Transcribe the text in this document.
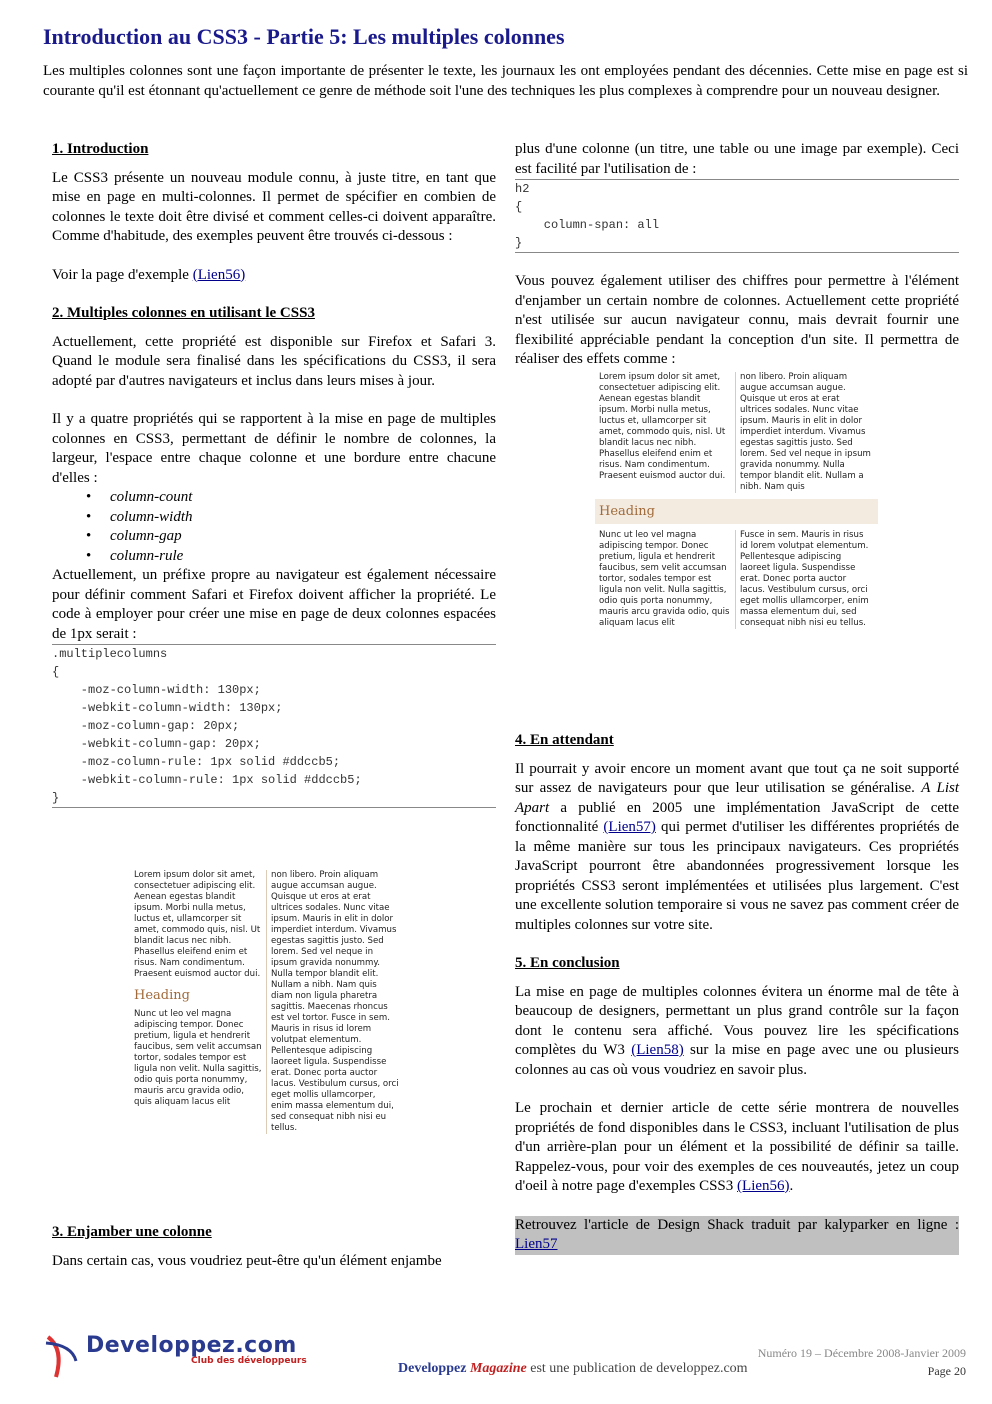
Introduction au CSS3 - Partie 5: Les multiples colonnes
Les multiples colonnes sont une façon importante de présenter le texte, les journaux les ont employées pendant des décennies. Cette mise en page est si courante qu'il est étonnant qu'actuellement ce genre de méthode soit l'une des techniques les plus complexes à comprendre pour un nouveau designer.
1. Introduction

Le CSS3 présente un nouveau module connu, à juste titre, en tant que mise en page en multi-colonnes. Il permet de spécifier en combien de colonnes le texte doit être divisé et comment celles-ci doivent apparaître. Comme d'habitude, des exemples peuvent être trouvés ci-dessous :

Voir la page d'exemple (Lien56)

2. Multiples colonnes en utilisant le CSS3

Actuellement, cette propriété est disponible sur Firefox et Safari 3. Quand le module sera finalisé dans les spécifications du CSS3, il sera adopté par d'autres navigateurs et inclus dans leurs mises à jour.

Il y a quatre propriétés qui se rapportent à la mise en page de multiples colonnes en CSS3, permettant de définir le nombre de colonnes, la largeur, l'espace entre chaque colonne et une bordure entre chacune d'elles :

• column-count
• column-width
• column-gap
• column-rule

Actuellement, un préfixe propre au navigateur est également nécessaire pour définir comment Safari et Firefox doivent afficher la propriété. Le code à employer pour créer une mise en page de deux colonnes espacées de 1px serait :

.multiplecolumns
{
-moz-column-width: 130px;
-webkit-column-width: 130px;
-moz-column-gap: 20px;
-webkit-column-gap: 20px;
-moz-column-rule: 1px solid #ddccb5;
-webkit-column-rule: 1px solid #ddccb5;
}
Lorem ipsum dolor sit amet, consectetuer adipiscing elit. Aenean egestas blandit ipsum. Morbi nulla metus, luctus et, ullamcorper sit amet, commodo quis, nisl. Ut blandit lacus nec nibh. Phasellus eleifend enim et risus. Nam condimentum. Praesent euismod auctor dui.
Heading
Nunc ut leo vel magna adipiscing tempor. Donec pretium, ligula et hendrerit faucibus, sem velit accumsan tortor, sodales tempor est ligula non velit. Nulla sagittis, odio quis porta nonummy, mauris arcu gravida odio, quis aliquam lacus elit
non libero. Proin aliquam augue accumsan augue. Quisque ut eros at erat ultrices sodales. Nunc vitae ipsum. Mauris in elit in dolor imperdiet interdum. Vivamus egestas sagittis justo. Sed lorem. Sed vel neque in ipsum gravida nonummy. Nulla tempor blandit elit. Nullam a nibh. Nam quis diam non ligula pharetra sagittis. Maecenas rhoncus est vel tortor. Fusce in sem. Mauris in risus id lorem volutpat elementum. Pellentesque adipiscing laoreet ligula. Suspendisse erat. Donec porta auctor lacus. Vestibulum cursus, orci eget mollis ullamcorper, enim massa elementum dui, sed consequat nibh nisi eu tellus.
3. Enjamber une colonne

Dans certain cas, vous voudriez peut-être qu'un élément enjambe

plus d'une colonne (un titre, une table ou une image par exemple). Ceci est facilité par l'utilisation de :

h2
{
column-span: all
}

Vous pouvez également utiliser des chiffres pour permettre à l'élément d'enjamber un certain nombre de colonnes. Actuellement cette propriété n'est utilisée sur aucun navigateur connu, mais devrait fournir une flexibilité appréciable pendant la conception d'un site. Il permettra de réaliser des effets comme :

Lorem ipsum dolor sit amet, consectetuer adipiscing elit. Aenean egestas blandit ipsum. Morbi nulla metus, luctus et, ullamcorper sit amet, commodo quis, nisl. Ut blandit lacus nec nibh. Phasellus eleifend enim et risus. Nam condimentum. Praesent euismod auctor dui.
non libero. Proin aliquam augue accumsan augue. Quisque ut eros at erat ultrices sodales. Nunc vitae ipsum. Mauris in elit in dolor imperdiet interdum. Vivamus egestas sagittis justo. Sed lorem. Sed vel neque in ipsum gravida nonummy. Nulla tempor blandit elit. Nullam a nibh. Nam quis
Heading
Nunc ut leo vel magna adipiscing tempor. Donec pretium, ligula et hendrerit faucibus, sem velit accumsan tortor, sodales tempor est ligula non velit. Nulla sagittis, odio quis porta nonummy, mauris arcu gravida odio, quis aliquam lacus elit
Fusce in sem. Mauris in risus id lorem volutpat elementum. Pellentesque adipiscing laoreet ligula. Suspendisse erat. Donec porta auctor lacus. Vestibulum cursus, orci eget mollis ullamcorper, enim massa elementum dui, sed consequat nibh nisi eu tellus.
4. En attendant

Il pourrait y avoir encore un moment avant que tout ça ne soit supporté sur assez de navigateurs pour que leur utilisation se généralise. A List Apart a publié en 2005 une implémentation JavaScript de cette fonctionnalité (Lien57) qui permet d'utiliser les différentes propriétés de la même manière sur tous les principaux navigateurs. Ces propriétés JavaScript pourront être abandonnées progressivement lorsque les propriétés CSS3 seront implémentées et utilisées plus largement. C'est une excellente solution temporaire si vous ne savez pas comment créer de multiples colonnes sur votre site.

5. En conclusion

La mise en page de multiples colonnes évitera un énorme mal de tête à beaucoup de designers, permettant un plus grand contrôle sur la façon dont le contenu sera affiché. Vous pouvez lire les spécifications complètes du W3 (Lien58) sur la mise en page avec une ou plusieurs colonnes au cas où vous voudriez en savoir plus.

Le prochain et dernier article de cette série montrera de nouvelles propriétés de fond disponibles dans le CSS3, incluant l'utilisation de plus d'un arrière-plan pour un élément et la possibilité de définir sa taille. Rappelez-vous, pour voir des exemples de ces nouveautés, jetez un coup d'oeil à notre page d'exemples CSS3 (Lien56).

Retrouvez l'article de Design Shack traduit par kalyparker en ligne : Lien57

Developpez.com
Club des développeurs
Numéro 19 – Décembre 2008-Janvier 2009
Developpez Magazine est une publication de developpez.com	Page 20
